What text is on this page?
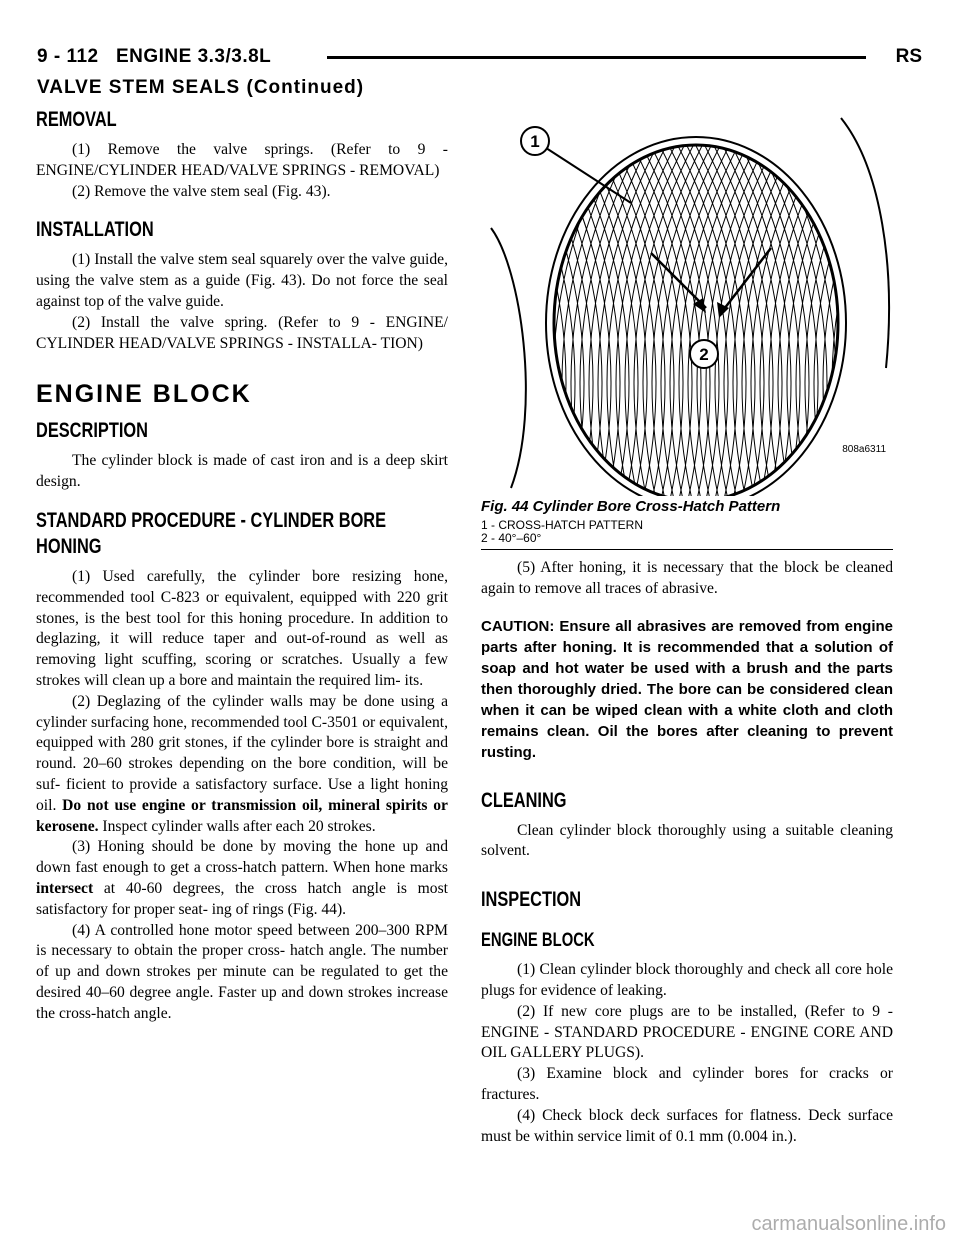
9 - 112 ENGINE 3.3/3.8L	RS
VALVE STEM SEALS (Continued)
REMOVAL

(1) Remove the valve springs. (Refer to 9 - ENGINE/CYLINDER HEAD/VALVE SPRINGS - REMOVAL)

(2) Remove the valve stem seal (Fig. 43).

INSTALLATION

(1) Install the valve stem seal squarely over the valve guide, using the valve stem as a guide (Fig. 43). Do not force the seal against top of the valve guide.

(2) Install the valve spring. (Refer to 9 - ENGINE/ CYLINDER HEAD/VALVE SPRINGS - INSTALLA- TION)

ENGINE BLOCK
DESCRIPTION

The cylinder block is made of cast iron and is a deep skirt design.

STANDARD PROCEDURE - CYLINDER BORE
HONING

(1) Used carefully, the cylinder bore resizing hone, recommended tool C-823 or equivalent, equipped with 220 grit stones, is the best tool for this honing procedure. In addition to deglazing, it will reduce taper and out-of-round as well as removing light scuffing, scoring or scratches. Usually a few strokes will clean up a bore and maintain the required lim- its.

(2) Deglazing of the cylinder walls may be done using a cylinder surfacing hone, recommended tool C-3501 or equivalent, equipped with 280 grit stones, if the cylinder bore is straight and round. 20–60 strokes depending on the bore condition, will be suf- ficient to provide a satisfactory surface. Use a light honing oil. Do not use engine or transmission oil, mineral spirits or kerosene. Inspect cylinder walls after each 20 strokes.

(3) Honing should be done by moving the hone up and down fast enough to get a cross-hatch pattern. When hone marks intersect at 40-60 degrees, the cross hatch angle is most satisfactory for proper seat- ing of rings (Fig. 44).

(4) A controlled hone motor speed between 200–300 RPM is necessary to obtain the proper cross- hatch angle. The number of up and down strokes per minute can be regulated to get the desired 40–60 degree angle. Faster up and down strokes increase the cross-hatch angle.

1
2
808a6311
Fig. 44 Cylinder Bore Cross-Hatch Pattern
1 - CROSS-HATCH PATTERN
2 - 40°–60°

(5) After honing, it is necessary that the block be cleaned again to remove all traces of abrasive.

CAUTION: Ensure all abrasives are removed from engine parts after honing. It is recommended that a solution of soap and hot water be used with a brush and the parts then thoroughly dried. The bore can be considered clean when it can be wiped clean with a white cloth and cloth remains clean. Oil the bores after cleaning to prevent rusting.

CLEANING

Clean cylinder block thoroughly using a suitable cleaning solvent.

INSPECTION
ENGINE BLOCK

(1) Clean cylinder block thoroughly and check all core hole plugs for evidence of leaking.

(2) If new core plugs are to be installed, (Refer to 9 - ENGINE - STANDARD PROCEDURE - ENGINE CORE AND OIL GALLERY PLUGS).

(3) Examine block and cylinder bores for cracks or fractures.

(4) Check block deck surfaces for flatness. Deck surface must be within service limit of 0.1 mm (0.004 in.).

carmanualsonline.info
